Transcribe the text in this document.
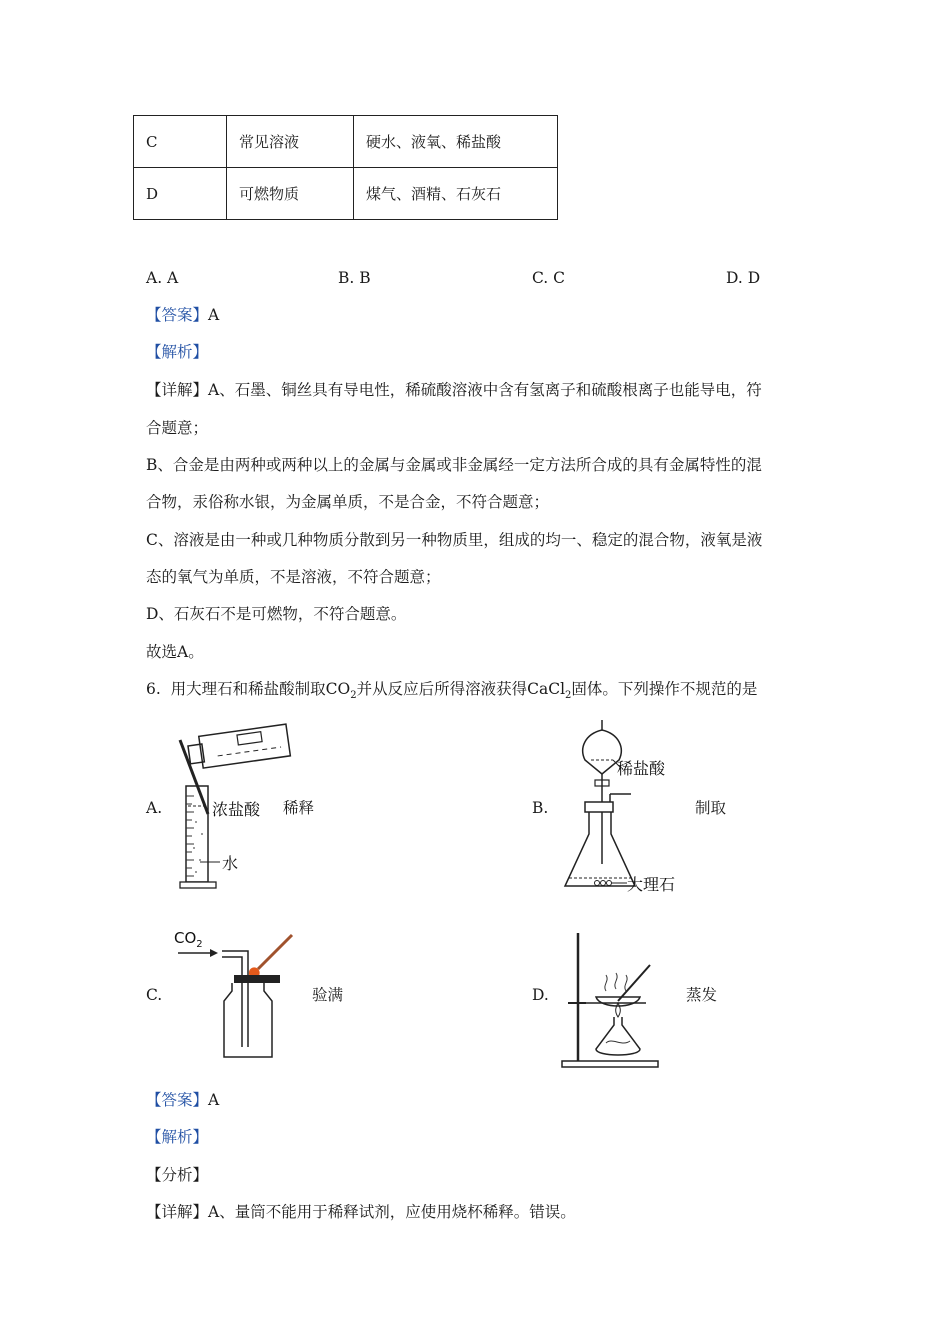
C	常见溶液	硬水、液氧、稀盐酸
D	可燃物质	煤气、酒精、石灰石
A. A	B. B	C. C	D. D
【答案】A
【解析】
【详解】A、石墨、铜丝具有导电性，稀硫酸溶液中含有氢离子和硫酸根离子也能导电，符
合题意；
B、合金是由两种或两种以上的金属与金属或非金属经一定方法所合成的具有金属特性的混
合物，汞俗称水银，为金属单质，不是合金，不符合题意；
C、溶液是由一种或几种物质分散到另一种物质里，组成的均一、稳定的混合物，液氧是液
态的氧气为单质，不是溶液，不符合题意；
D、石灰石不是可燃物，不符合题意。
故选A。
6. 用大理石和稀盐酸制取$CO_2$并从反应后所得溶液获得CaCl$_2$固体。下列操作不规范的是
A.	浓盐酸
水
稀释	B.
稀盐酸
大理石
制取
C.
$CO_2$
验满	D.	蒸发
【答案】A
【解析】
【分析】
【详解】A、量筒不能用于稀释试剂，应使用烧杯稀释。错误。
